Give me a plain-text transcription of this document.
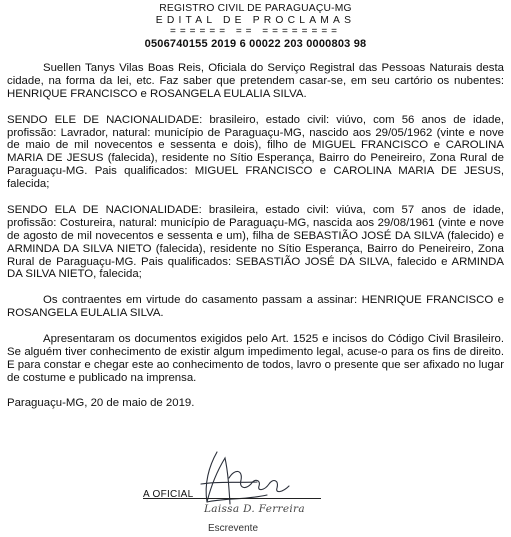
REGISTRO CIVIL DE PARAGUAÇU-MG
EDITAL DE PROCLAMAS
====== == ========
0506740155 2019 6 00022 203 0000803 98

Suellen Tanys Vilas Boas Reis, Oficiala do Serviço Registral das Pessoas Naturais desta cidade, na forma da lei, etc. Faz saber que pretendem casar-se, em seu cartório os nubentes: HENRIQUE FRANCISCO e ROSANGELA EULALIA SILVA.

SENDO ELE DE NACIONALIDADE: brasileiro, estado civil: viúvo, com 56 anos de idade, profissão: Lavrador, natural: município de Paraguaçu-MG, nascido aos 29/05/1962 (vinte e nove de maio de mil novecentos e sessenta e dois), filho de MIGUEL FRANCISCO e CAROLINA MARIA DE JESUS (falecida), residente no Sítio Esperança, Bairro do Peneireiro, Zona Rural de Paraguaçu-MG. Pais qualificados: MIGUEL FRANCISCO e CAROLINA MARIA DE JESUS, falecida;

SENDO ELA DE NACIONALIDADE: brasileira, estado civil: viúva, com 57 anos de idade, profissão: Costureira, natural: município de Paraguaçu-MG, nascida aos 29/08/1961 (vinte e nove de agosto de mil novecentos e sessenta e um), filha de SEBASTIÃO JOSÉ DA SILVA (falecido) e ARMINDA DA SILVA NIETO (falecida), residente no Sítio Esperança, Bairro do Peneireiro, Zona Rural de Paraguaçu-MG. Pais qualificados: SEBASTIÃO JOSÉ DA SILVA, falecido e ARMINDA DA SILVA NIETO, falecida;

Os contraentes em virtude do casamento passam a assinar: HENRIQUE FRANCISCO e ROSANGELA EULALIA SILVA.

Apresentaram os documentos exigidos pelo Art. 1525 e incisos do Código Civil Brasileiro. Se alguém tiver conhecimento de existir algum impedimento legal, acuse-o para os fins de direito. E para constar e chegar este ao conhecimento de todos, lavro o presente que ser afixado no lugar de costume e publicado na imprensa.

Paraguaçu-MG, 20 de maio de 2019.

A OFICIAL
Laissa D. Ferreira
Escrevente
